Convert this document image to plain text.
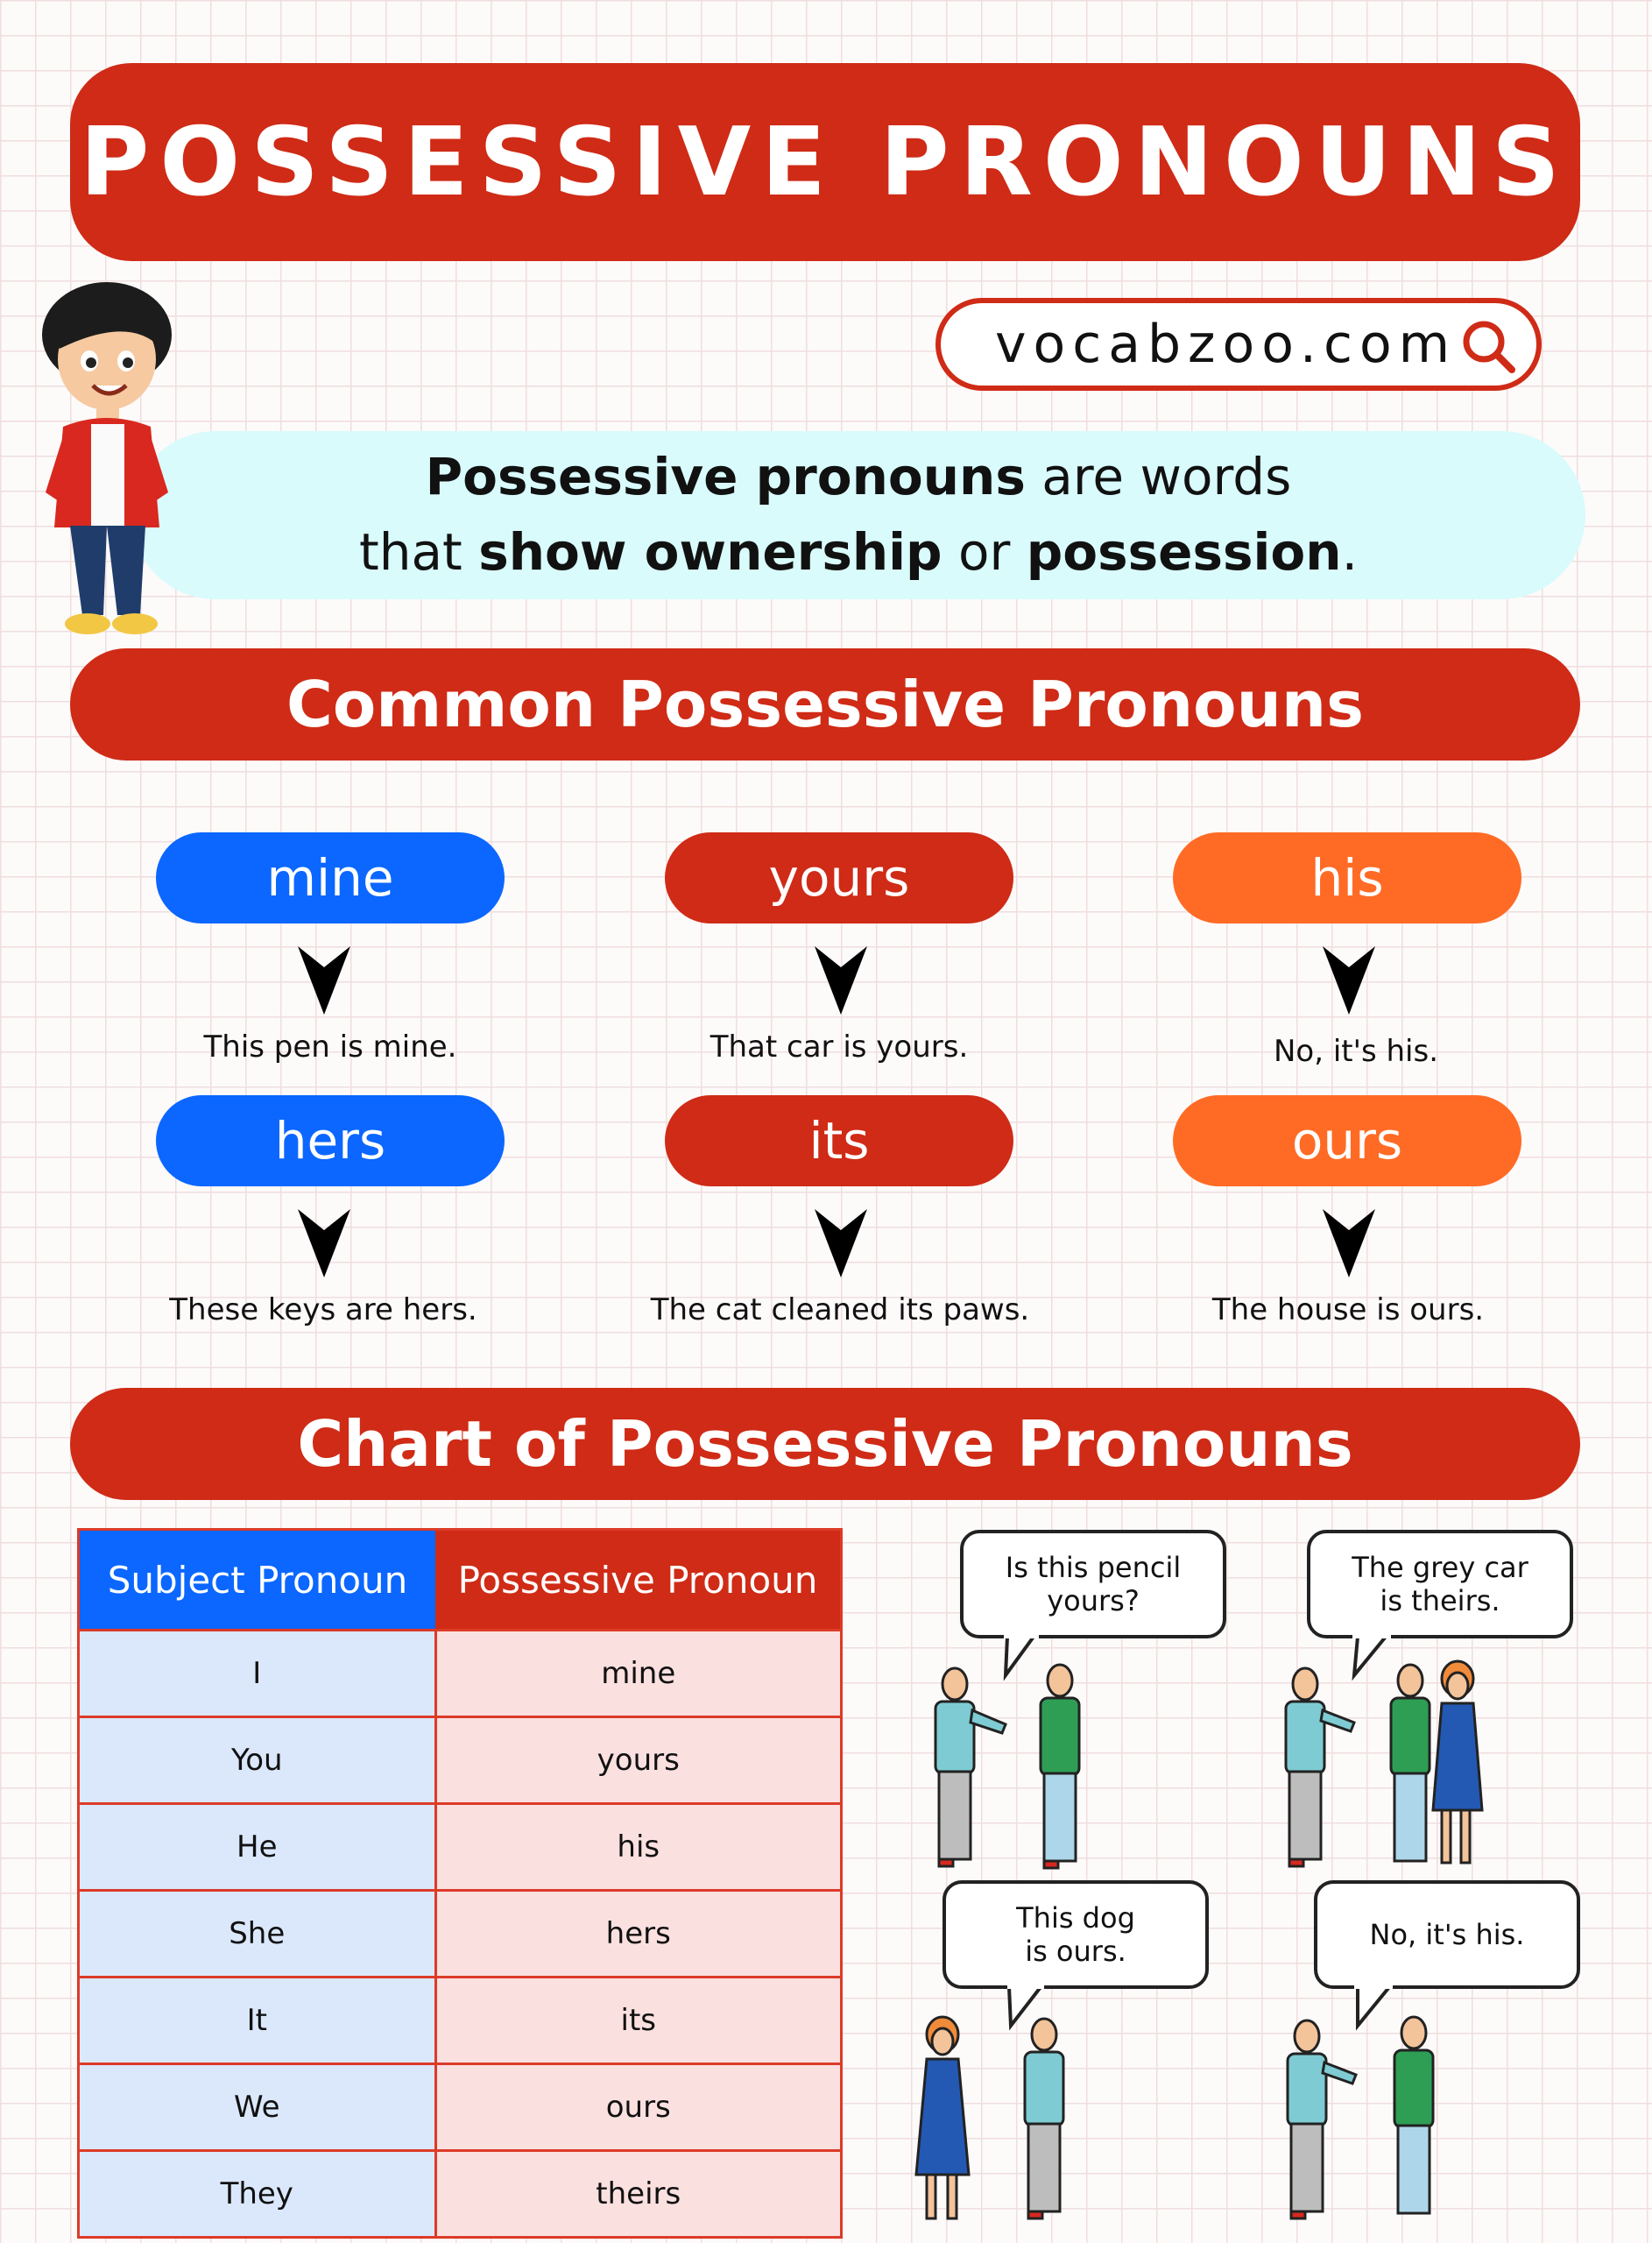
POSSESSIVE PRONOUNS
vocabzoo.com
Possessive pronouns are words
that show ownership or possession.
Common Possessive Pronouns
mine	yours	his
This pen is mine.	That car is yours.	No, it's his.
hers	its	ours
These keys are hers.	The cat cleaned its paws.	The house is ours.
Chart of Possessive Pronouns
Subject Pronoun	Possessive Pronoun
I	mine
You	yours
He	his
She	hers
It	its
We	ours
They	theirs
Is this pencil
yours?
The grey car
is theirs.
This dog
is ours.	No, it's his.
